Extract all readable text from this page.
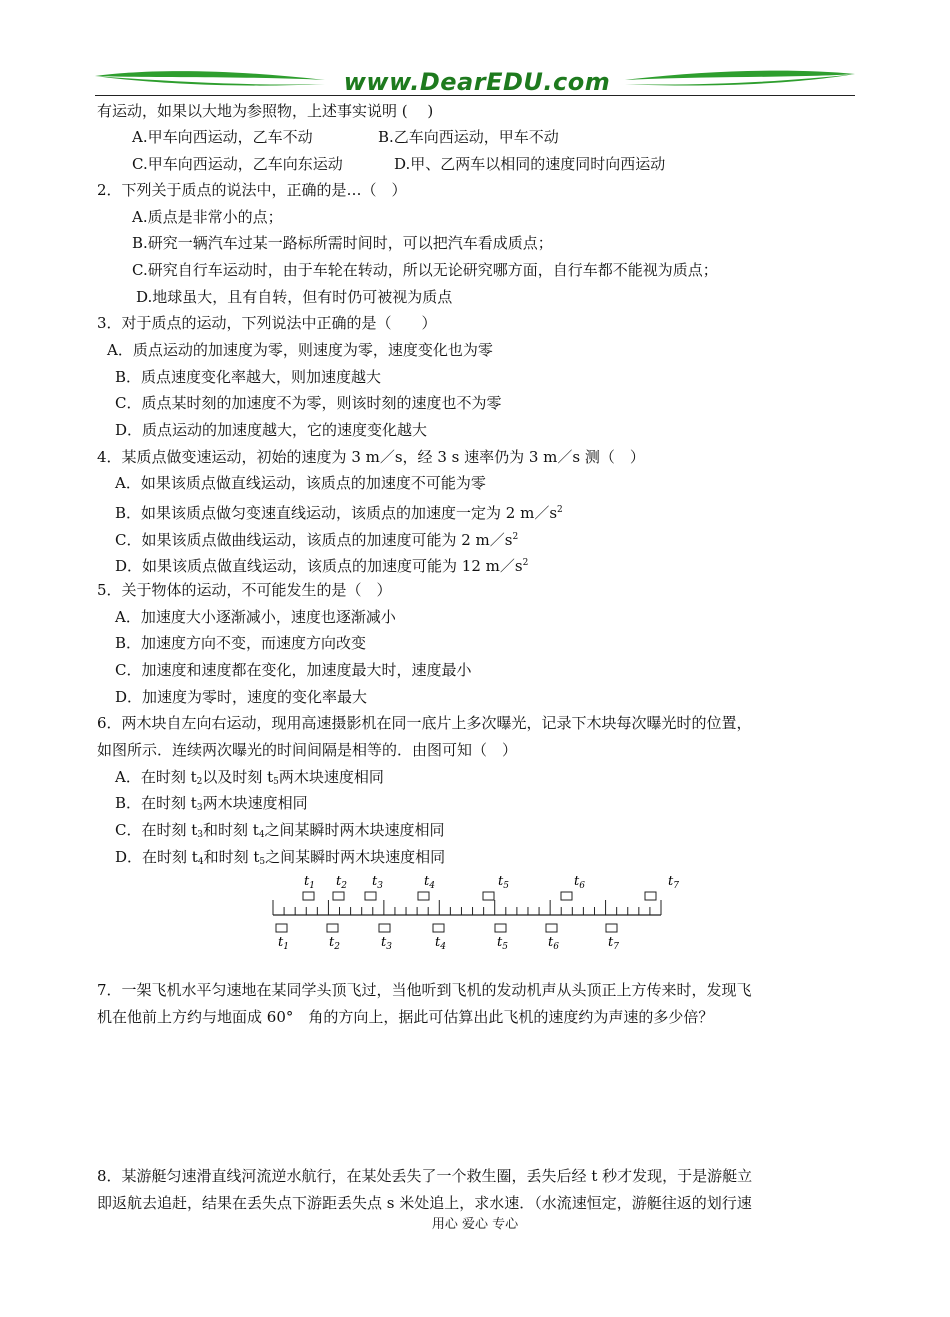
www.DearEDU.com
有运动，如果以大地为参照物，上述事实说明 (　 )
A.甲车向西运动，乙车不动	B.乙车向西运动，甲车不动
C.甲车向西运动，乙车向东运动	D.甲、乙两车以相同的速度同时向西运动
2．下列关于质点的说法中，正确的是…（　）
A.质点是非常小的点；
B.研究一辆汽车过某一路标所需时间时，可以把汽车看成质点；
C.研究自行车运动时，由于车轮在转动，所以无论研究哪方面，自行车都不能视为质点；
D.地球虽大，且有自转，但有时仍可被视为质点
3．对于质点的运动，下列说法中正确的是（　　）
A．质点运动的加速度为零，则速度为零，速度变化也为零
B．质点速度变化率越大，则加速度越大
C．质点某时刻的加速度不为零，则该时刻的速度也不为零
D．质点运动的加速度越大，它的速度变化越大
4．某质点做变速运动，初始的速度为 3 m／s，经 3 s 速率仍为 3 m／s 测（　）
A．如果该质点做直线运动，该质点的加速度不可能为零
B．如果该质点做匀变速直线运动，该质点的加速度一定为 2 $m/s^2$
C．如果该质点做曲线运动，该质点的加速度可能为 2 $m/s^2$
D．如果该质点做直线运动，该质点的加速度可能为 12 $m/s^2$
5．关于物体的运动，不可能发生的是（　）
A．加速度大小逐渐减小，速度也逐渐减小
B．加速度方向不变，而速度方向改变
C．加速度和速度都在变化，加速度最大时，速度最小
D．加速度为零时，速度的变化率最大
6．两木块自左向右运动，现用高速摄影机在同一底片上多次曝光，记录下木块每次曝光时的位置，
如图所示．连续两次曝光的时间间隔是相等的．由图可知（　）
A．在时刻 $t_2$以及时刻 $t_5$两木块速度相同
B．在时刻 $t_3$两木块速度相同
C．在时刻 $t_3$和时刻 $t_4$之间某瞬时两木块速度相同
D．在时刻 $t_4$和时刻 $t_5$之间某瞬时两木块速度相同
$t_1$ $t_2$ $t_3$	$t_4$	$t_5$	$t_6$	$t_7$
$t_1$	$t_2$	$t_3$	$t_4$	$t_5$	$t_6$	$t_7$
7．一架飞机水平匀速地在某同学头顶飞过，当他听到飞机的发动机声从头顶正上方传来时，发现飞
机在他前上方约与地面成 60°　角的方向上，据此可估算出此飞机的速度约为声速的多少倍？
8．某游艇匀速滑直线河流逆水航行，在某处丢失了一个救生圈，丢失后经 t 秒才发现，于是游艇立
即返航去追赶，结果在丢失点下游距丢失点 s 米处追上，求水速．（水流速恒定，游艇往返的划行速
用心 爱心 专心
